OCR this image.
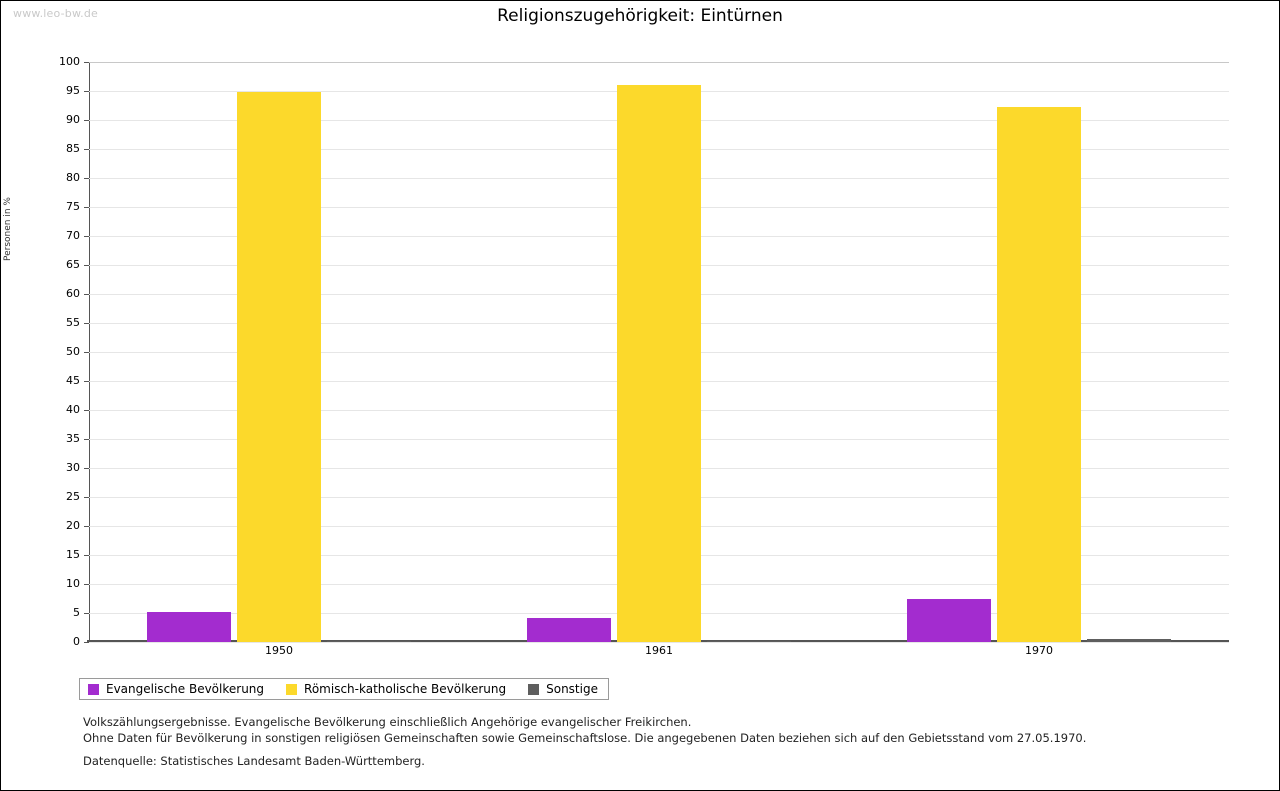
www.leo-bw.de	Religionszugehörigkeit: Eintürnen
Personen in %
0
5
10
15
20
25
30
35
40
45
50
55
60
65
70
75
80
85
90
95
100
1950	1961	1970
Evangelische Bevölkerung	Römisch-katholische Bevölkerung	Sonstige
Volkszählungsergebnisse. Evangelische Bevölkerung einschließlich Angehörige evangelischer Freikirchen.
Ohne Daten für Bevölkerung in sonstigen religiösen Gemeinschaften sowie Gemeinschaftslose. Die angegebenen Daten beziehen sich auf den Gebietsstand vom 27.05.1970.
Datenquelle: Statistisches Landesamt Baden-Württemberg.
